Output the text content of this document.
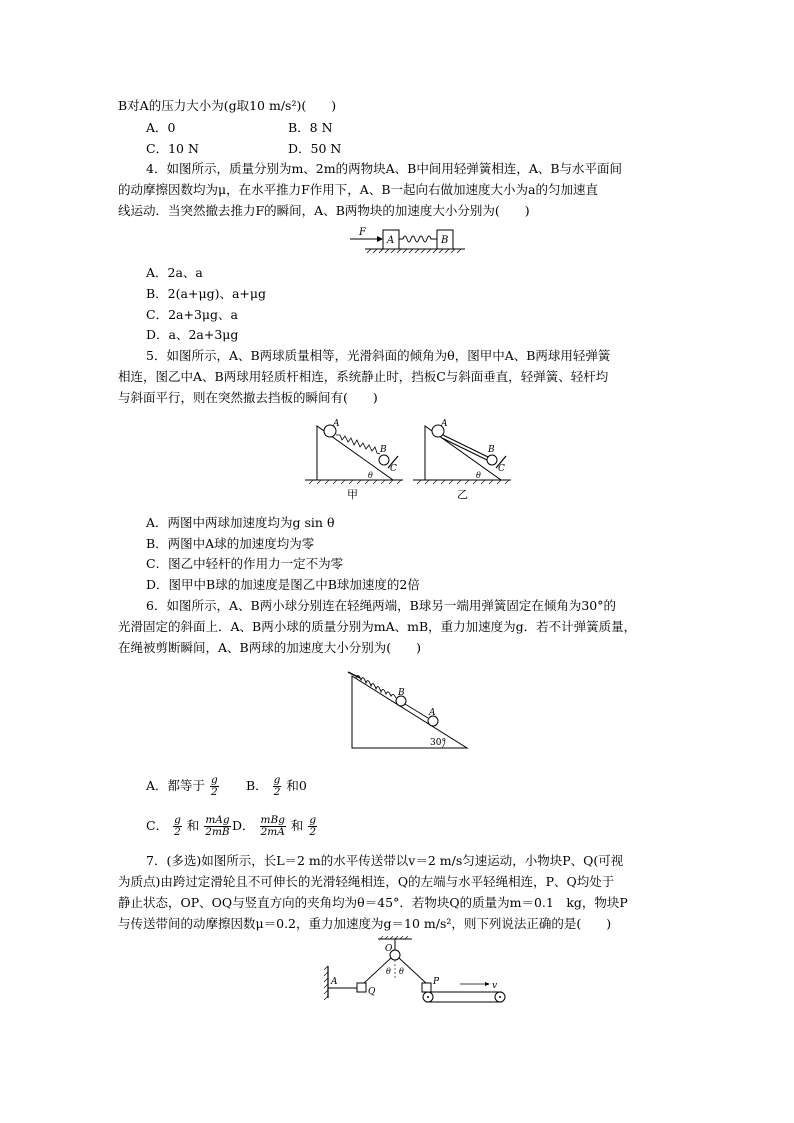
B对A的压力大小为(g取10 m/s²)(　　)
A．0	B．8 N
C．10 N	D．50 N
4．如图所示，质量分别为m、2m的两物块A、B中间用轻弹簧相连，A、B与水平面间
的动摩擦因数均为μ，在水平推力F作用下，A、B一起向右做加速度大小为a的匀加速直
线运动．当突然撤去推力F的瞬间，A、B两物块的加速度大小分别为(　　)
F
A	B
A．2a、a
B．2(a+μg)、a+μg
C．2a+3μg、a
D．a、2a+3μg
5．如图所示，A、B两球质量相等，光滑斜面的倾角为θ，图甲中A、B两球用轻弹簧
相连，图乙中A、B两球用轻质杆相连，系统静止时，挡板C与斜面垂直，轻弹簧、轻杆均
与斜面平行，则在突然撤去挡板的瞬间有(　　)
A
B
C
θ
甲
A
B
C
θ
乙
A．两图中两球加速度均为g sin θ
B．两图中A球的加速度均为零
C．图乙中轻杆的作用力一定不为零
D．图甲中B球的加速度是图乙中B球加速度的2倍
6．如图所示，A、B两小球分别连在轻绳两端，B球另一端用弹簧固定在倾角为30°的
光滑固定的斜面上．A、B两小球的质量分别为mA、mB，重力加速度为g．若不计弹簧质量，
在绳被剪断瞬间，A、B两球的加速度大小分别为(　　)
B
A
30°
A．都等于 $\frac{g}{2}$ B． $\frac{g}{2}$ 和0
C． $\frac{g}{2}$ 和 $\frac{\text{mAg}}{2mB}$ D． $\frac{\text{mBg}}{2mA}$ 和 $\frac{g}{2}$
7．(多选)如图所示，长L＝2 m的水平传送带以v＝2 m/s匀速运动，小物块P、Q(可视
为质点)由跨过定滑轮且不可伸长的光滑轻绳相连，Q的左端与水平轻绳相连，P、Q均处于
静止状态，OP、OQ与竖直方向的夹角均为θ＝45°．若物块Q的质量为m＝0.1　kg，物块P
与传送带间的动摩擦因数μ＝0.2，重力加速度为g＝10 m/s²，则下列说法正确的是(　　)
O
θ θ
A
Q
P	v
